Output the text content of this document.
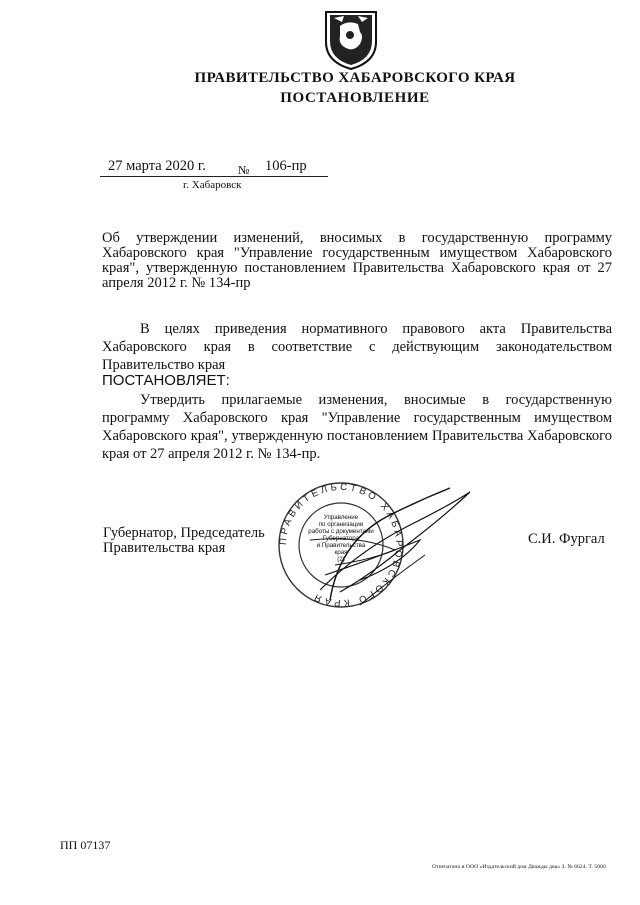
ПРАВИТЕЛЬСТВО ХАБАРОВСКОГО КРАЯ
ПОСТАНОВЛЕНИЕ
27 марта 2020 г.	№ 106-пр
г. Хабаровск
Об утверждении изменений, вносимых в государственную программу Хабаровского края "Управление государственным имуществом Хабаровского края", утвержденную постановлением Правительства Хабаровского края от 27 апреля 2012 г. № 134-пр
В целях приведения нормативного правового акта Правительства Хабаровского края в соответствие с действующим законодательством Правительство края
ПОСТАНОВЛЯЕТ:
Утвердить прилагаемые изменения, вносимые в государственную программу Хабаровского края "Управление государственным имуществом Хабаровского края", утвержденную постановлением Правительства Хабаровского края от 27 апреля 2012 г. № 134-пр.
Губернатор, Председатель
Правительства края
С.И. Фургал
ПРАВИТЕЛЬСТВО ХАБАРОВСКОГО КРАЯ
Управление
по организации
работы с документами
Губернатора
и Правительства
края
(2)
ПП 07137
Отпечатано в ООО «Издательский дом Дважды два» З. № 6624. Т. 5000
